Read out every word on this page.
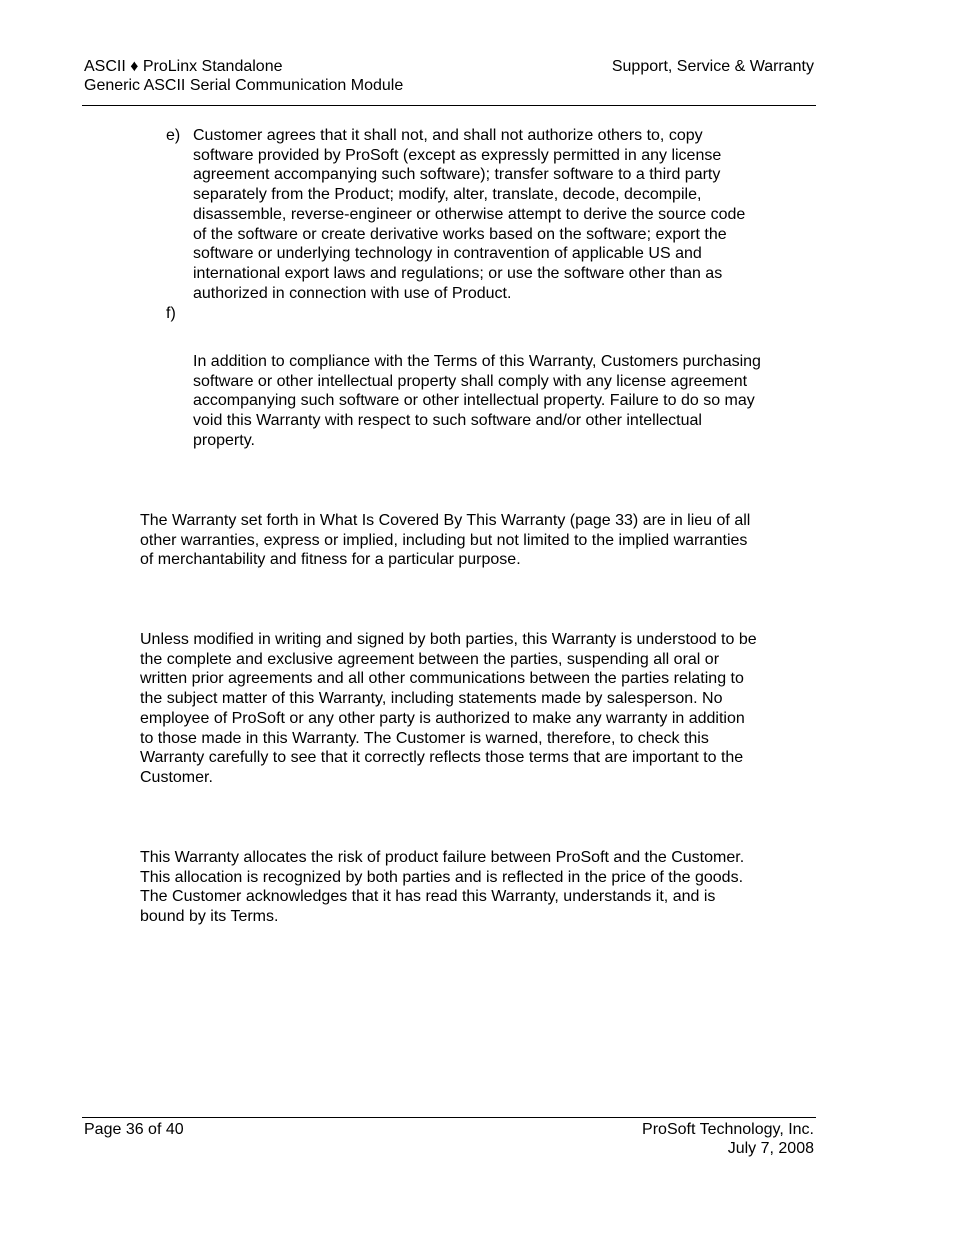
ASCII ♦ ProLinx Standalone
Generic ASCII Serial Communication Module
Support, Service & Warranty
e) Customer agrees that it shall not, and shall not authorize others to, copy software provided by ProSoft (except as expressly permitted in any license agreement accompanying such software); transfer software to a third party separately from the Product; modify, alter, translate, decode, decompile, disassemble, reverse-engineer or otherwise attempt to derive the source code of the software or create derivative works based on the software; export the software or underlying technology in contravention of applicable US and international export laws and regulations; or use the software other than as authorized in connection with use of Product.
f)

In addition to compliance with the Terms of this Warranty, Customers purchasing software or other intellectual property shall comply with any license agreement accompanying such software or other intellectual property. Failure to do so may void this Warranty with respect to such software and/or other intellectual property.

The Warranty set forth in What Is Covered By This Warranty (page 33) are in lieu of all other warranties, express or implied, including but not limited to the implied warranties of merchantability and fitness for a particular purpose.

Unless modified in writing and signed by both parties, this Warranty is understood to be the complete and exclusive agreement between the parties, suspending all oral or written prior agreements and all other communications between the parties relating to the subject matter of this Warranty, including statements made by salesperson. No employee of ProSoft or any other party is authorized to make any warranty in addition to those made in this Warranty. The Customer is warned, therefore, to check this Warranty carefully to see that it correctly reflects those terms that are important to the Customer.

This Warranty allocates the risk of product failure between ProSoft and the Customer. This allocation is recognized by both parties and is reflected in the price of the goods. The Customer acknowledges that it has read this Warranty, understands it, and is bound by its Terms.

Page 36 of 40	ProSoft Technology, Inc.
July 7, 2008
